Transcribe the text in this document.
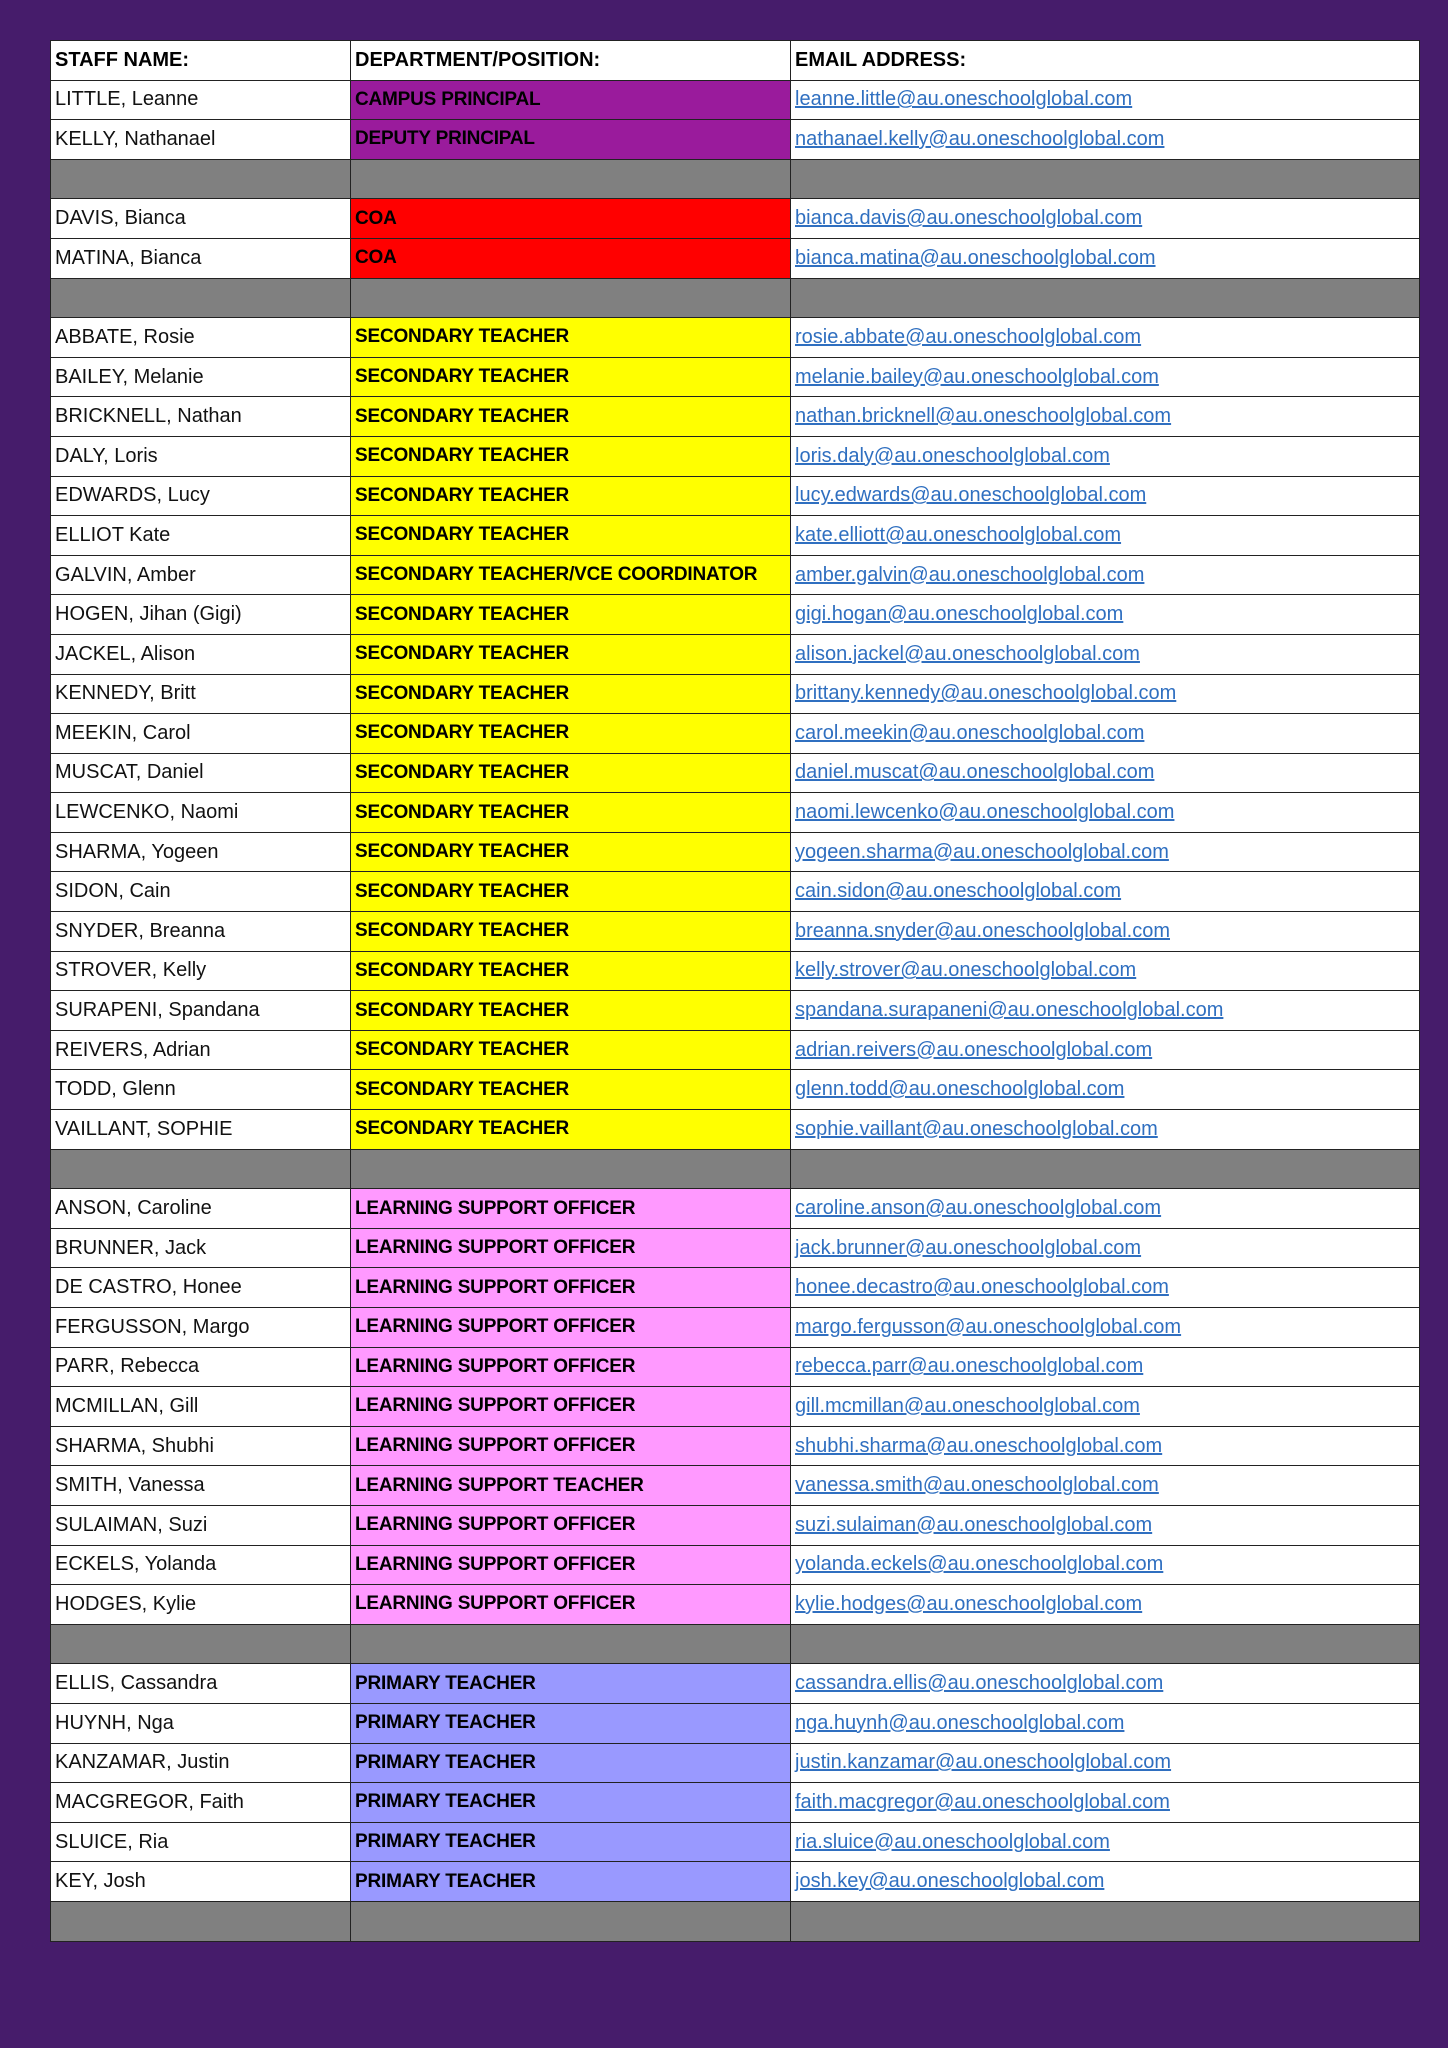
STAFF NAME:	DEPARTMENT/POSITION:	EMAIL ADDRESS:
LITTLE, Leanne	CAMPUS PRINCIPAL	leanne.little@au.oneschoolglobal.com
KELLY, Nathanael	DEPUTY PRINCIPAL	nathanael.kelly@au.oneschoolglobal.com

DAVIS, Bianca	COA	bianca.davis@au.oneschoolglobal.com
MATINA, Bianca	COA	bianca.matina@au.oneschoolglobal.com

ABBATE, Rosie	SECONDARY TEACHER	rosie.abbate@au.oneschoolglobal.com
BAILEY, Melanie	SECONDARY TEACHER	melanie.bailey@au.oneschoolglobal.com
BRICKNELL, Nathan	SECONDARY TEACHER	nathan.bricknell@au.oneschoolglobal.com
DALY, Loris	SECONDARY TEACHER	loris.daly@au.oneschoolglobal.com
EDWARDS, Lucy	SECONDARY TEACHER	lucy.edwards@au.oneschoolglobal.com
ELLIOT Kate	SECONDARY TEACHER	kate.elliott@au.oneschoolglobal.com
GALVIN, Amber	SECONDARY TEACHER/VCE COORDINATOR	amber.galvin@au.oneschoolglobal.com
HOGEN, Jihan (Gigi)	SECONDARY TEACHER	gigi.hogan@au.oneschoolglobal.com
JACKEL, Alison	SECONDARY TEACHER	alison.jackel@au.oneschoolglobal.com
KENNEDY, Britt	SECONDARY TEACHER	brittany.kennedy@au.oneschoolglobal.com
MEEKIN, Carol	SECONDARY TEACHER	carol.meekin@au.oneschoolglobal.com
MUSCAT, Daniel	SECONDARY TEACHER	daniel.muscat@au.oneschoolglobal.com
LEWCENKO, Naomi	SECONDARY TEACHER	naomi.lewcenko@au.oneschoolglobal.com
SHARMA, Yogeen	SECONDARY TEACHER	yogeen.sharma@au.oneschoolglobal.com
SIDON, Cain	SECONDARY TEACHER	cain.sidon@au.oneschoolglobal.com
SNYDER, Breanna	SECONDARY TEACHER	breanna.snyder@au.oneschoolglobal.com
STROVER, Kelly	SECONDARY TEACHER	kelly.strover@au.oneschoolglobal.com
SURAPENI, Spandana	SECONDARY TEACHER	spandana.surapaneni@au.oneschoolglobal.com
REIVERS, Adrian	SECONDARY TEACHER	adrian.reivers@au.oneschoolglobal.com
TODD, Glenn	SECONDARY TEACHER	glenn.todd@au.oneschoolglobal.com
VAILLANT, SOPHIE	SECONDARY TEACHER	sophie.vaillant@au.oneschoolglobal.com

ANSON, Caroline	LEARNING SUPPORT OFFICER	caroline.anson@au.oneschoolglobal.com
BRUNNER, Jack	LEARNING SUPPORT OFFICER	jack.brunner@au.oneschoolglobal.com
DE CASTRO, Honee	LEARNING SUPPORT OFFICER	honee.decastro@au.oneschoolglobal.com
FERGUSSON, Margo	LEARNING SUPPORT OFFICER	margo.fergusson@au.oneschoolglobal.com
PARR, Rebecca	LEARNING SUPPORT OFFICER	rebecca.parr@au.oneschoolglobal.com
MCMILLAN, Gill	LEARNING SUPPORT OFFICER	gill.mcmillan@au.oneschoolglobal.com
SHARMA, Shubhi	LEARNING SUPPORT OFFICER	shubhi.sharma@au.oneschoolglobal.com
SMITH, Vanessa	LEARNING SUPPORT TEACHER	vanessa.smith@au.oneschoolglobal.com
SULAIMAN, Suzi	LEARNING SUPPORT OFFICER	suzi.sulaiman@au.oneschoolglobal.com
ECKELS, Yolanda	LEARNING SUPPORT OFFICER	yolanda.eckels@au.oneschoolglobal.com
HODGES, Kylie	LEARNING SUPPORT OFFICER	kylie.hodges@au.oneschoolglobal.com

ELLIS, Cassandra	PRIMARY TEACHER	cassandra.ellis@au.oneschoolglobal.com
HUYNH, Nga	PRIMARY TEACHER	nga.huynh@au.oneschoolglobal.com
KANZAMAR, Justin	PRIMARY TEACHER	justin.kanzamar@au.oneschoolglobal.com
MACGREGOR, Faith	PRIMARY TEACHER	faith.macgregor@au.oneschoolglobal.com
SLUICE, Ria	PRIMARY TEACHER	ria.sluice@au.oneschoolglobal.com
KEY, Josh	PRIMARY TEACHER	josh.key@au.oneschoolglobal.com
